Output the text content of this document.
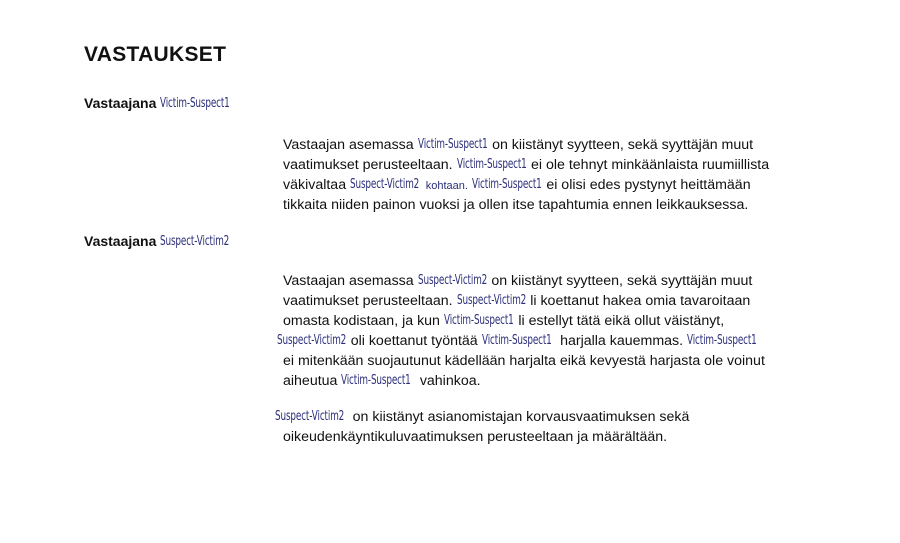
VASTAUKSET
Vastaajana Victim-Suspect1
Vastaajan asemassa Victim-Suspect1 on kiistänyt syytteen, sekä syyttäjän muut
vaatimukset perusteeltaan. Victim-Suspect1 ei ole tehnyt minkäänlaista ruumiillista
väkivaltaa Suspect-Victim2 kohtaan. Victim-Suspect1 ei olisi edes pystynyt heittämään
tikkaita niiden painon vuoksi ja ollen itse tapahtumia ennen leikkauksessa.
Vastaajana Suspect-Victim2
Vastaajan asemassa Suspect-Victim2 on kiistänyt syytteen, sekä syyttäjän muut
vaatimukset perusteeltaan. Suspect-Victim2 li koettanut hakea omia tavaroitaan
omasta kodistaan, ja kun Victim-Suspect1 li estellyt tätä eikä ollut väistänyt,
Suspect-Victim2 oli koettanut työntää Victim-Suspect1 harjalla kauemmas. Victim-Suspect1
ei mitenkään suojautunut kädellään harjalta eikä kevyestä harjasta ole voinut
aiheutua Victim-Suspect1 vahinkoa.
Suspect-Victim2 on kiistänyt asianomistajan korvausvaatimuksen sekä
oikeudenkäyntikuluvaatimuksen perusteeltaan ja määrältään.
